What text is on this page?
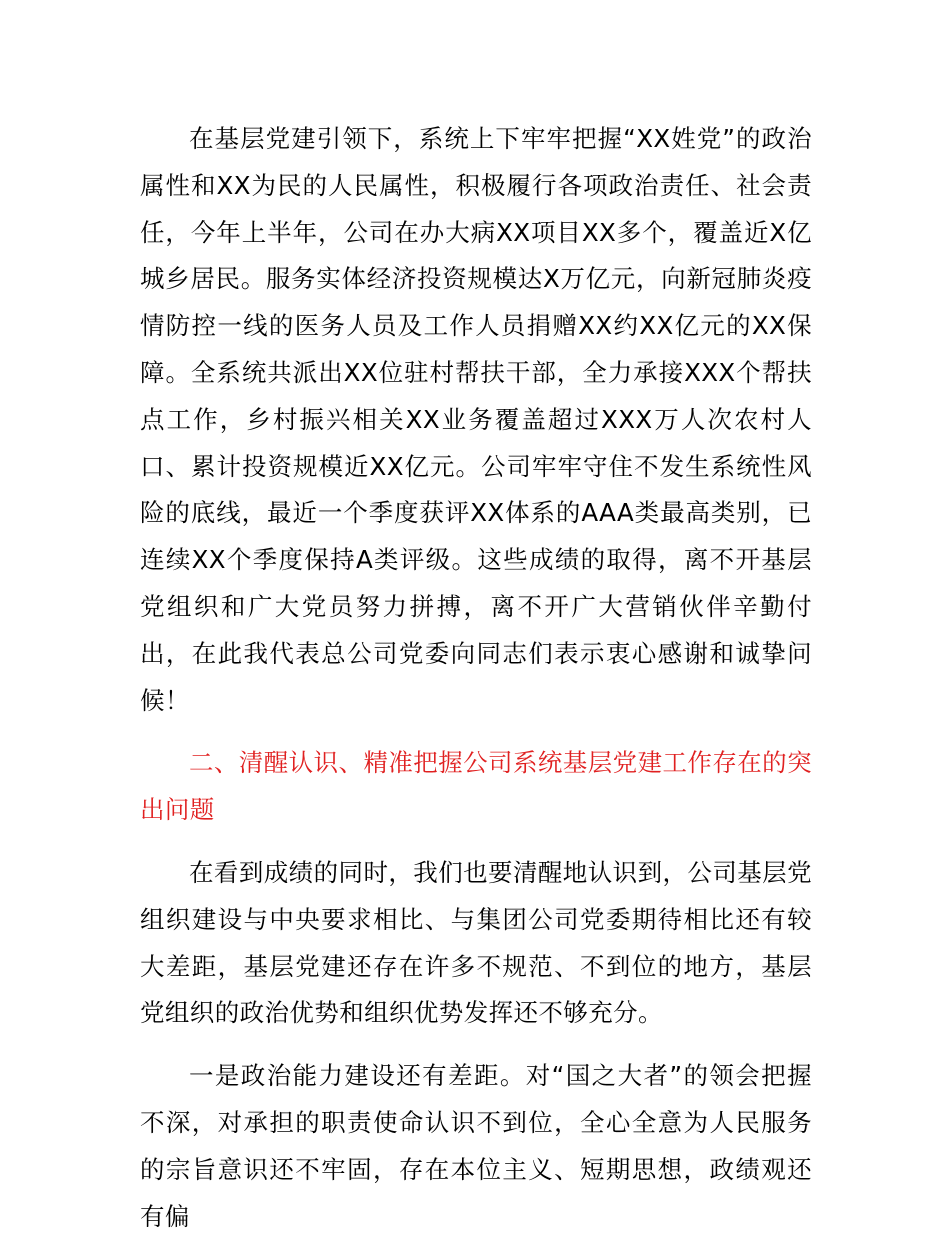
在基层党建引领下，系统上下牢牢把握“XX姓党”的政治属性和XX为民的人民属性，积极履行各项政治责任、社会责任，今年上半年，公司在办大病XX项目XX多个，覆盖近X亿城乡居民。服务实体经济投资规模达X万亿元，向新冠肺炎疫情防控一线的医务人员及工作人员捐赠XX约XX亿元的XX保障。全系统共派出XX位驻村帮扶干部，全力承接XXX个帮扶点工作，乡村振兴相关XX业务覆盖超过XXX万人次农村人口、累计投资规模近XX亿元。公司牢牢守住不发生系统性风险的底线，最近一个季度获评XX体系的AAA类最高类别，已连续XX个季度保持A类评级。这些成绩的取得，离不开基层党组织和广大党员努力拼搏，离不开广大营销伙伴辛勤付出，在此我代表总公司党委向同志们表示衷心感谢和诚挚问候！

二、清醒认识、精准把握公司系统基层党建工作存在的突出问题

在看到成绩的同时，我们也要清醒地认识到，公司基层党组织建设与中央要求相比、与集团公司党委期待相比还有较大差距，基层党建还存在许多不规范、不到位的地方，基层党组织的政治优势和组织优势发挥还不够充分。

一是政治能力建设还有差距。对“国之大者”的领会把握不深，对承担的职责使命认识不到位，全心全意为人民服务的宗旨意识还不牢固，存在本位主义、短期思想，政绩观还有偏
